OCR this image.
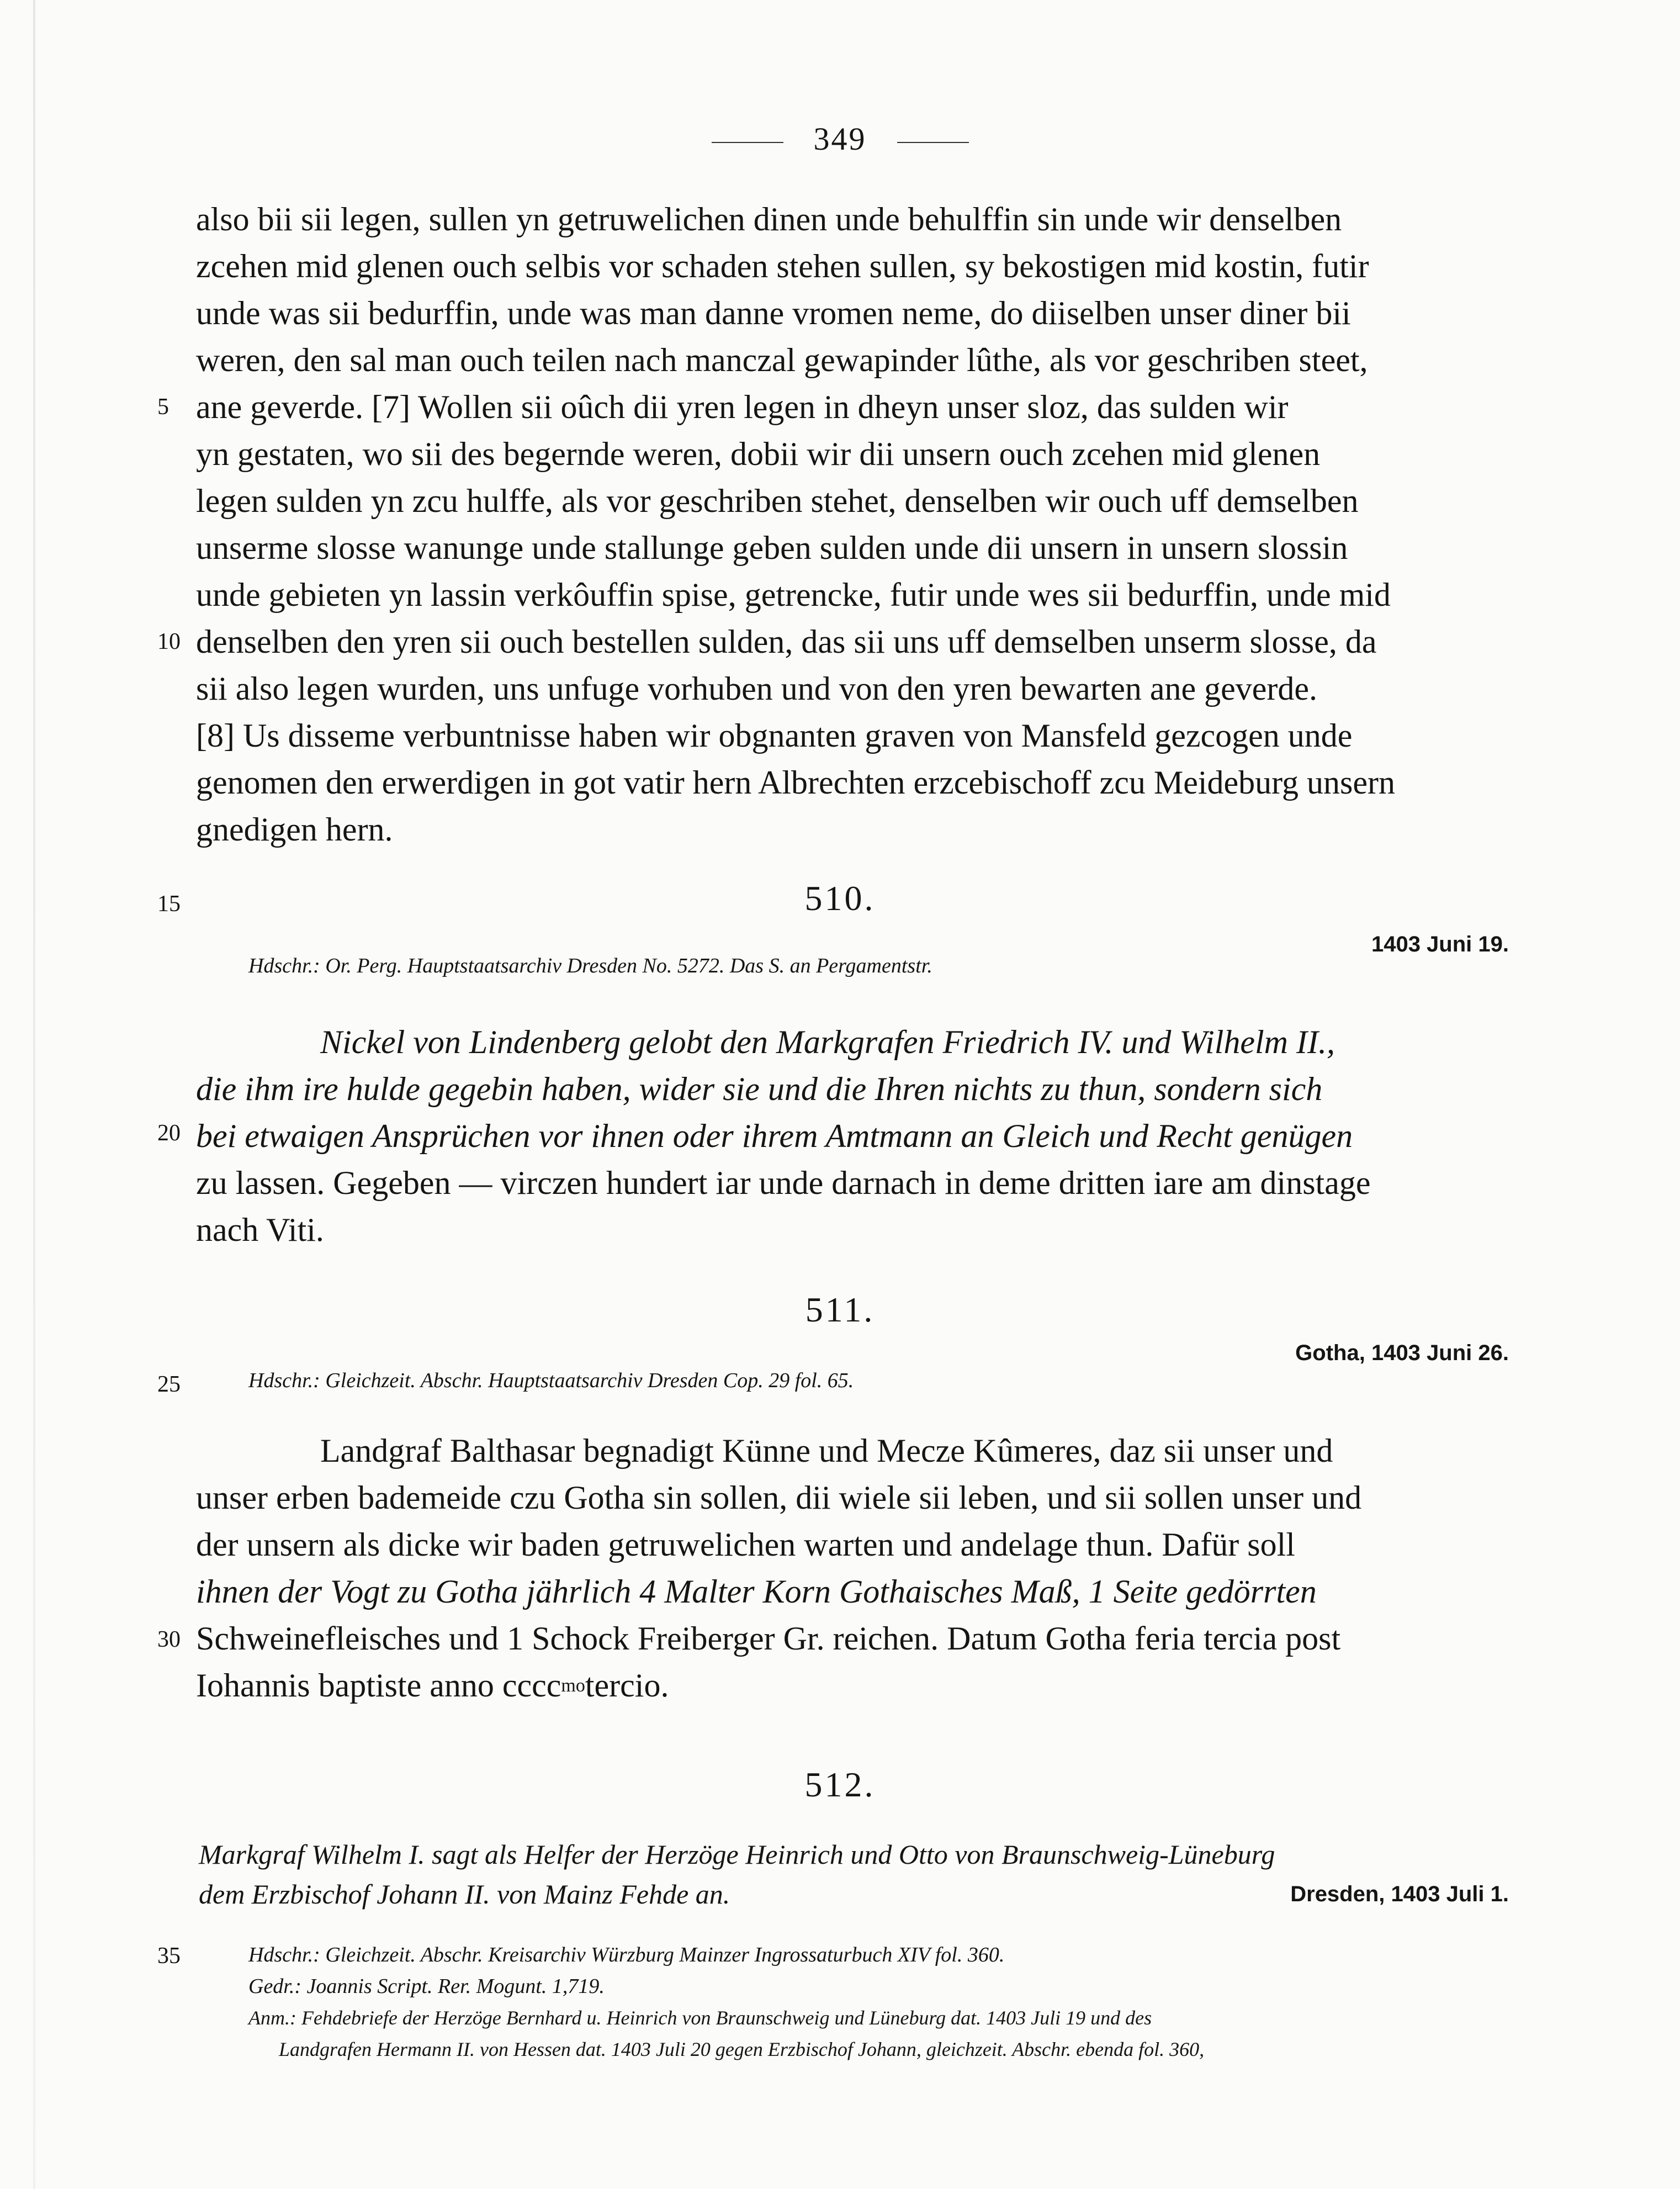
349
also bii sii legen, sullen yn getruwelichen dinen unde behulffin sin unde wir denselben
zcehen mid glenen ouch selbis vor schaden stehen sullen, sy bekostigen mid kostin, futir
unde was sii bedurffin, unde was man danne vromen neme, do diiselben unser diner bii
weren, den sal man ouch teilen nach manczal gewapinder lûthe, als vor geschriben steet,
ane geverde. [7] Wollen sii oûch dii yren legen in dheyn unser sloz, das sulden wir
yn gestaten, wo sii des begernde weren, dobii wir dii unsern ouch zcehen mid glenen
legen sulden yn zcu hulffe, als vor geschriben stehet, denselben wir ouch uff demselben
unserme slosse wanunge unde stallunge geben sulden unde dii unsern in unsern slossin
unde gebieten yn lassin verkôuffin spise, getrencke, futir unde wes sii bedurffin, unde mid
denselben den yren sii ouch bestellen sulden, das sii uns uff demselben unserm slosse, da
sii also legen wurden, uns unfuge vorhuben und von den yren bewarten ane geverde.
[8] Us disseme verbuntnisse haben wir obgnanten graven von Mansfeld gezcogen unde
genomen den erwerdigen in got vatir hern Albrechten erzcebischoff zcu Meideburg unsern
gnedigen hern.
5
10
15
20
25
30
35
510.
1403 Juni 19.
Hdschr.: Or. Perg. Hauptstaatsarchiv Dresden No. 5272. Das S. an Pergamentstr.
Nickel von Lindenberg gelobt den Markgrafen Friedrich IV. und Wilhelm II.,
die ihm ire hulde gegebin haben, wider sie und die Ihren nichts zu thun, sondern sich
bei etwaigen Ansprüchen vor ihnen oder ihrem Amtmann an Gleich und Recht genügen
zu lassen. Gegeben — virczen hundert iar unde darnach in deme dritten iare am dinstage
nach Viti.
511.
Gotha, 1403 Juni 26.
Hdschr.: Gleichzeit. Abschr. Hauptstaatsarchiv Dresden Cop. 29 fol. 65.
Landgraf Balthasar begnadigt Künne und Mecze Kûmeres, daz sii unser und
unser erben bademeide czu Gotha sin sollen, dii wiele sii leben, und sii sollen unser und
der unsern als dicke wir baden getruwelichen warten und andelage thun. Dafür soll
ihnen der Vogt zu Gotha jährlich 4 Malter Korn Gothaisches Maß, 1 Seite gedörrten
Schweinefleisches und 1 Schock Freiberger Gr. reichen. Datum Gotha feria tercia post
Iohannis baptiste anno cccc mo tercio.
512.
Markgraf Wilhelm I. sagt als Helfer der Herzöge Heinrich und Otto von Braunschweig-Lüneburg
dem Erzbischof Johann II. von Mainz Fehde an.	Dresden, 1403 Juli 1.
Hdschr.: Gleichzeit. Abschr. Kreisarchiv Würzburg Mainzer Ingrossaturbuch XIV fol. 360.
Gedr.: Joannis Script. Rer. Mogunt. 1,719.
Anm.: Fehdebriefe der Herzöge Bernhard u. Heinrich von Braunschweig und Lüneburg dat. 1403 Juli 19 und des
Landgrafen Hermann II. von Hessen dat. 1403 Juli 20 gegen Erzbischof Johann, gleichzeit. Abschr. ebenda fol. 360,
